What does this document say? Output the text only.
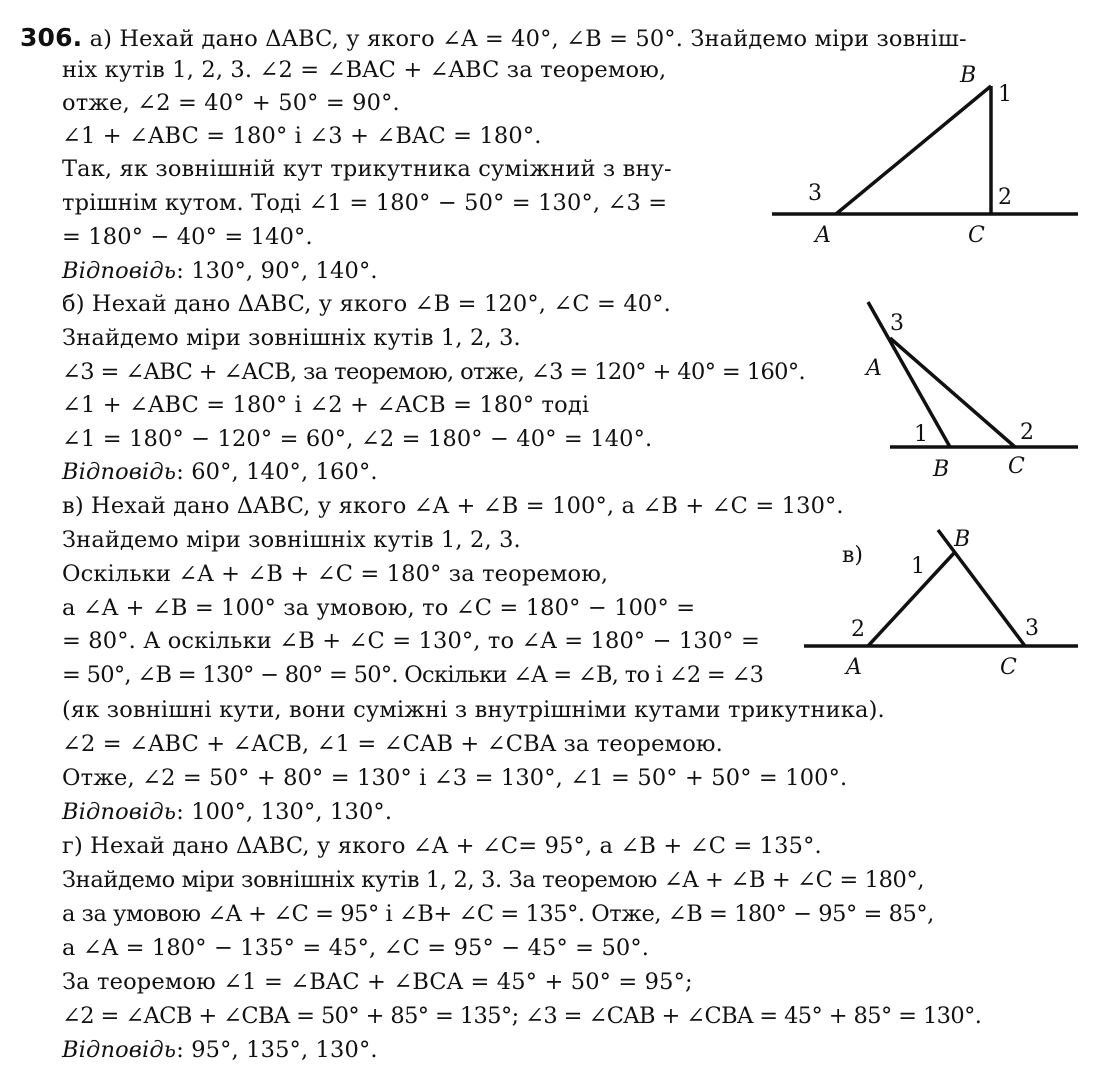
306. а) Нехай дано ΔABC, у якого ∠A = 40°, ∠B = 50°. Знайдемо міри зовніш-
ніх кутів 1, 2, 3. ∠2 = ∠BAC + ∠ABC за теоремою,
отже, ∠2 = 40° + 50° = 90°.
∠1 + ∠ABC = 180° і ∠3 + ∠BAC = 180°.
Так, як зовнішній кут трикутника суміжний з вну-
трішнім кутом. Тоді ∠1 = 180° − 50° = 130°, ∠3 =
= 180° − 40° = 140°.
Відповідь: 130°, 90°, 140°.
б) Нехай дано ΔABC, у якого ∠B = 120°, ∠C = 40°.
Знайдемо міри зовнішніх кутів 1, 2, 3.
∠3 = ∠ABC + ∠ACB, за теоремою, отже, ∠3 = 120° + 40° = 160°.
∠1 + ∠ABC = 180° і ∠2 + ∠ACB = 180° тоді
∠1 = 180° − 120° = 60°, ∠2 = 180° − 40° = 140°.
Відповідь: 60°, 140°, 160°.
в) Нехай дано ΔABC, у якого ∠A + ∠B = 100°, а ∠B + ∠C = 130°.
Знайдемо міри зовнішніх кутів 1, 2, 3.
Оскільки ∠A + ∠B + ∠C = 180° за теоремою,
а ∠A + ∠B = 100° за умовою, то ∠C = 180° − 100° =
= 80°. А оскільки ∠B + ∠C = 130°, то ∠A = 180° − 130° =
= 50°, ∠B = 130° − 80° = 50°. Оскільки ∠A = ∠B, то і ∠2 = ∠3
(як зовнішні кути, вони суміжні з внутрішніми кутами трикутника).
∠2 = ∠ABC + ∠ACB, ∠1 = ∠CAB + ∠CBA за теоремою.
Отже, ∠2 = 50° + 80° = 130° і ∠3 = 130°, ∠1 = 50° + 50° = 100°.
Відповідь: 100°, 130°, 130°.
г) Нехай дано ΔABC, у якого ∠A + ∠C= 95°, а ∠B + ∠C = 135°.
Знайдемо міри зовнішніх кутів 1, 2, 3. За теоремою ∠A + ∠B + ∠C = 180°,
а за умовою ∠A + ∠C = 95° і ∠B+ ∠C = 135°. Отже, ∠B = 180° − 95° = 85°,
а ∠A = 180° − 135° = 45°, ∠C = 95° − 45° = 50°.
За теоремою ∠1 = ∠BAC + ∠BCA = 45° + 50° = 95°;
∠2 = ∠ACB + ∠CBA = 50° + 85° = 135°; ∠3 = ∠CAB + ∠CBA = 45° + 85° = 130°.
Відповідь: 95°, 135°, 130°.
B
1
2
3
A	C
3
A
1	2
B	C
в)
B
1
2	3
A	C
